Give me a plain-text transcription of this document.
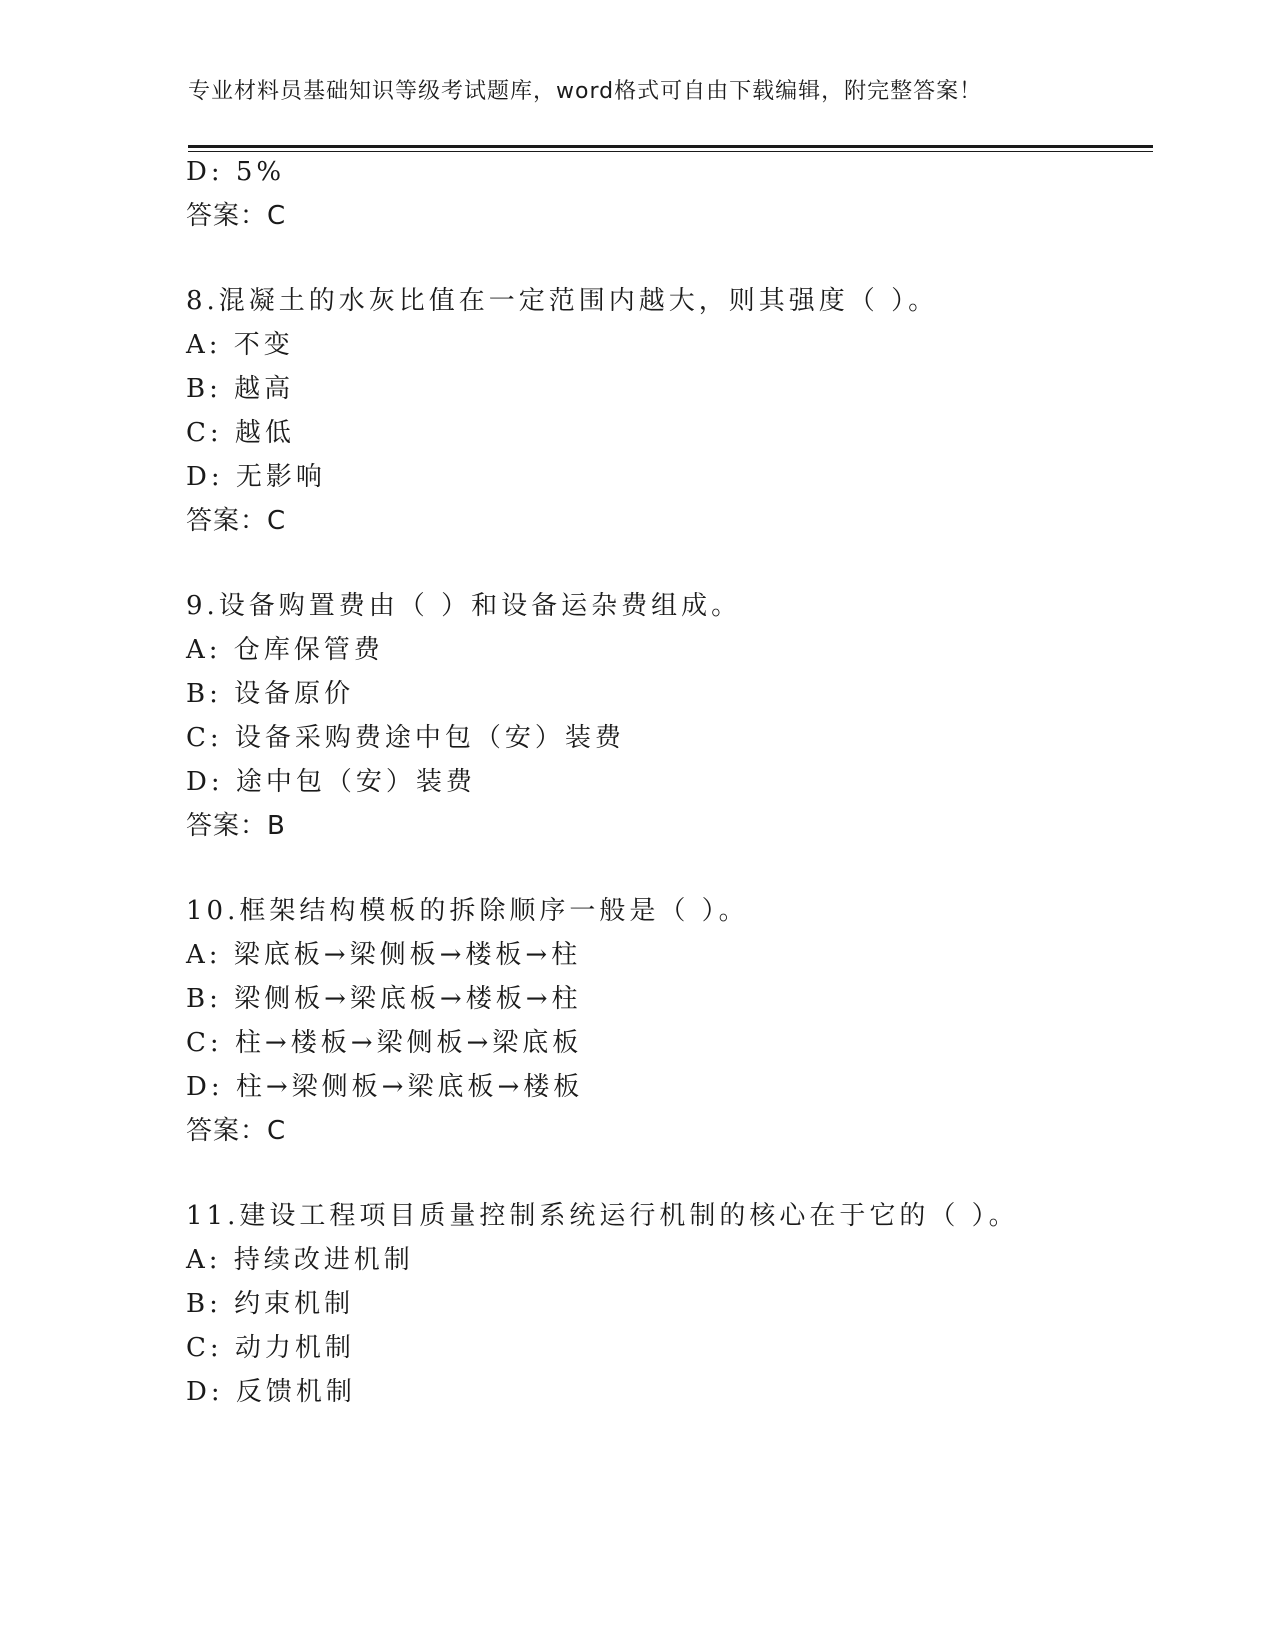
专业材料员基础知识等级考试题库，word格式可自由下载编辑，附完整答案！
D: 5%
答案：C
8.混凝土的水灰比值在一定范围内越大，则其强度（ ）。
A: 不变
B: 越高
C: 越低
D: 无影响
答案：C
9.设备购置费由（ ）和设备运杂费组成。
A: 仓库保管费
B: 设备原价
C: 设备采购费途中包（安）装费
D: 途中包（安）装费
答案：B
10.框架结构模板的拆除顺序一般是（ ）。
A: 梁底板→梁侧板→楼板→柱
B: 梁侧板→梁底板→楼板→柱
C: 柱→楼板→梁侧板→梁底板
D: 柱→梁侧板→梁底板→楼板
答案：C
11.建设工程项目质量控制系统运行机制的核心在于它的（ ）。
A: 持续改进机制
B: 约束机制
C: 动力机制
D: 反馈机制
